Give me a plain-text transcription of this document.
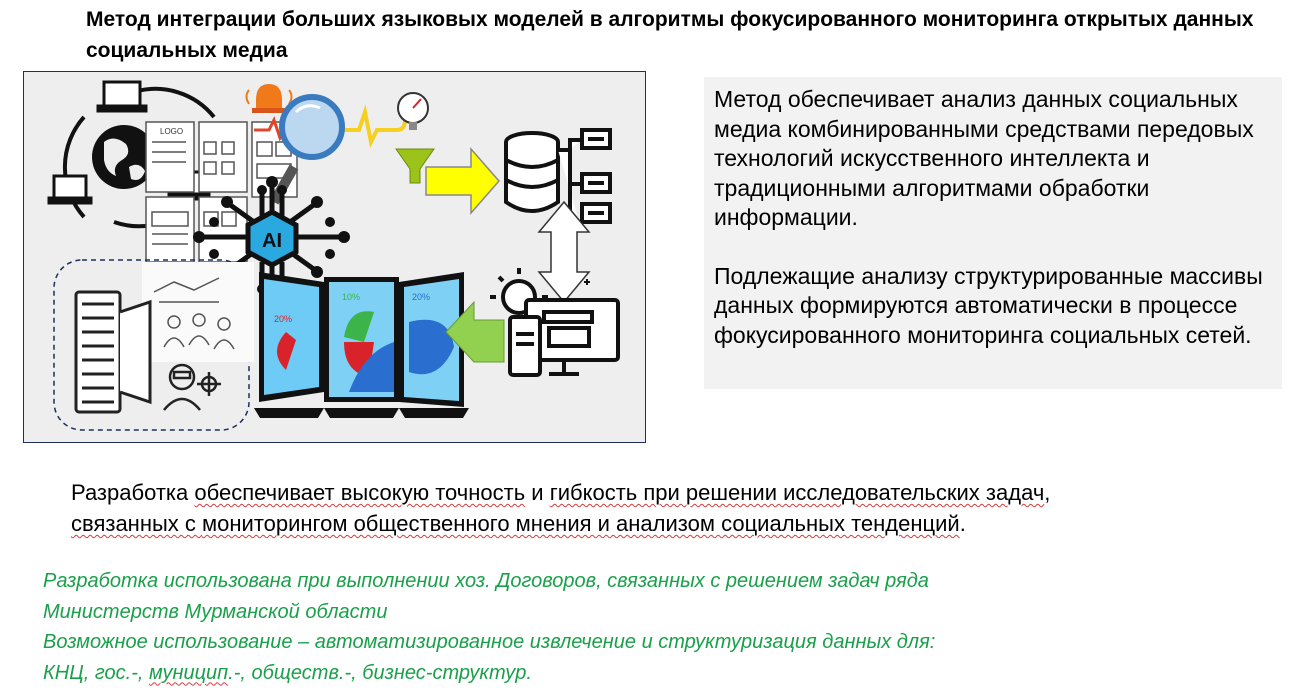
Метод интеграции больших языковых моделей в алгоритмы фокусированного мониторинга открытых данных социальных медиа
LOGO
AI
20%
10%	20%

Метод обеспечивает анализ данных социальных медиа комбинированными средствами передовых технологий искусственного интеллекта и традиционными алгоритмами обработки информации.

Подлежащие анализу структурированные массивы данных формируются автоматически в процессе фокусированного мониторинга социальных сетей.

Разработка обеспечивает высокую точность и гибкость при решении исследовательских задач,
связанных с мониторингом общественного мнения и анализом социальных тенденций.

Разработка использована при выполнении хоз. Договоров, связанных с решением задач ряда
Министерств Мурманской области
Возможное использование – автоматизированное извлечение и структуризация данных для:
КНЦ, гос.-, муницип.-, обществ.-, бизнес-структур.
